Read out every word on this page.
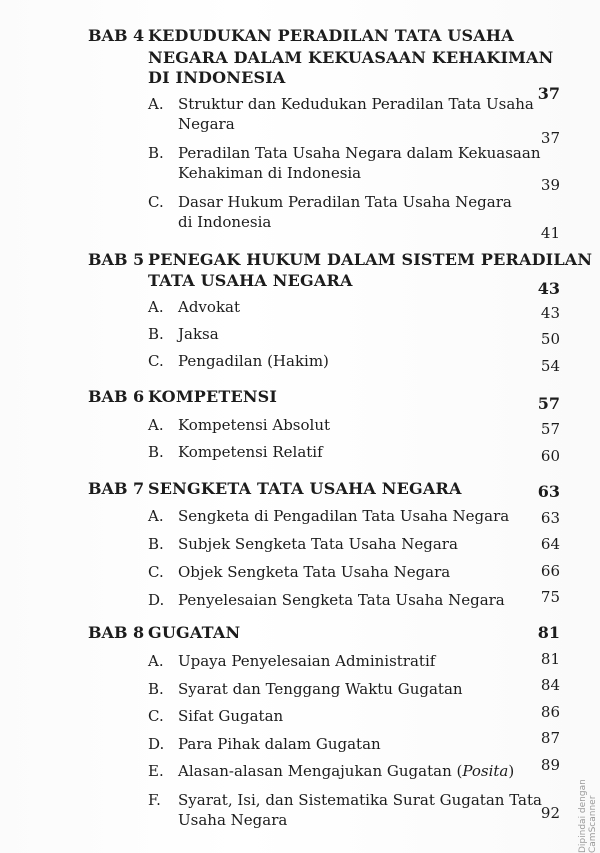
BAB 4 KEDUDUKAN PERADILAN TATA USAHA
NEGARA DALAM KEKUASAAN KEHAKIMAN
DI INDONESIA
37
A. Struktur dan Kedudukan Peradilan Tata Usaha
Negara
37
B. Peradilan Tata Usaha Negara dalam Kekuasaan
Kehakiman di Indonesia
39
C. Dasar Hukum Peradilan Tata Usaha Negara
di Indonesia
41
BAB 5 PENEGAK HUKUM DALAM SISTEM PERADILAN
TATA USAHA NEGARA	43
A. Advokat	43
B. Jaksa	50
C. Pengadilan (Hakim)	54
BAB 6 KOMPETENSI	57
A. Kompetensi Absolut	57
B. Kompetensi Relatif	60
BAB 7 SENGKETA TATA USAHA NEGARA	63
A. Sengketa di Pengadilan Tata Usaha Negara	63
B. Subjek Sengketa Tata Usaha Negara	64
C. Objek Sengketa Tata Usaha Negara	66
D. Penyelesaian Sengketa Tata Usaha Negara	75
BAB 8 GUGATAN	81
A. Upaya Penyelesaian Administratif	81
B. Syarat dan Tenggang Waktu Gugatan	84
C. Sifat Gugatan	86
D. Para Pihak dalam Gugatan	87
E. Alasan-alasan Mengajukan Gugatan (Posita)	89
F. Syarat, Isi, dan Sistematika Surat Gugatan Tata
Usaha Negara	92 Dipindai dengan CamScanner
